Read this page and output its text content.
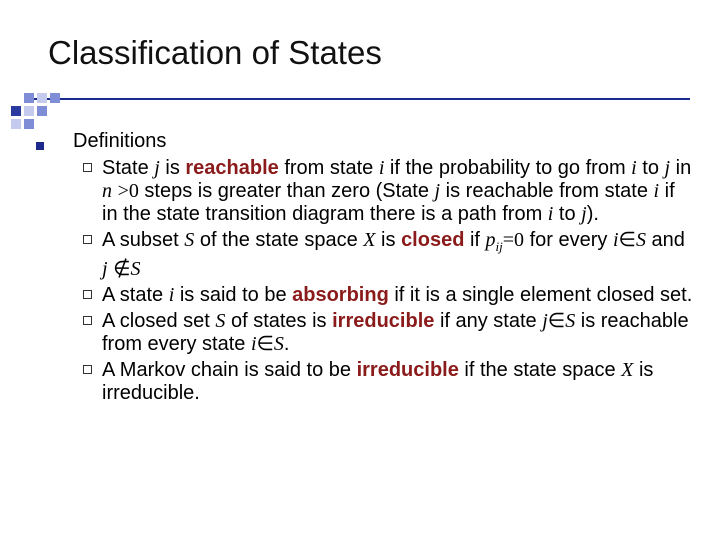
Classification of States
Definitions
State j is reachable from state i if the probability to go from i to j in n >0 steps is greater than zero (State j is reachable from state i if in the state transition diagram there is a path from i to j).
A subset S of the state space X is closed if $p_{ij}=0$ for every i∈S and j ∉S
A state i is said to be absorbing if it is a single element closed set.
A closed set S of states is irreducible if any state j∈S is reachable from every state i∈S.
A Markov chain is said to be irreducible if the state space X is irreducible.
